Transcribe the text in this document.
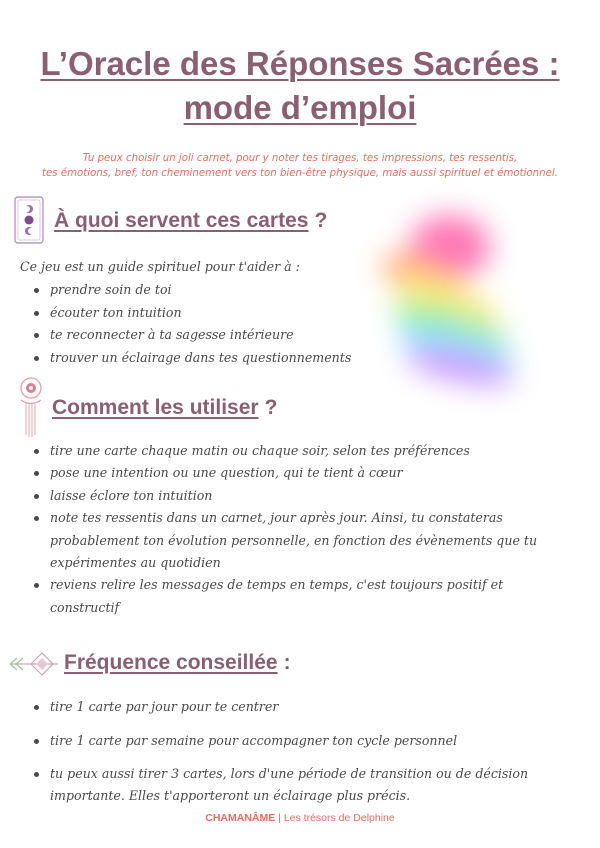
L’Oracle des Réponses Sacrées :
mode d’emploi
Tu peux choisir un joli carnet, pour y noter tes tirages, tes impressions, tes ressentis,
tes émotions, bref, ton cheminement vers ton bien-être physique, mais aussi spirituel et émotionnel.
À quoi servent ces cartes ?
Ce jeu est un guide spirituel pour t'aider à :
prendre soin de toi
écouter ton intuition
te reconnecter à ta sagesse intérieure
trouver un éclairage dans tes questionnements
Comment les utiliser ?
tire une carte chaque matin ou chaque soir, selon tes préférences
pose une intention ou une question, qui te tient à cœur
laisse éclore ton intuition
note tes ressentis dans un carnet, jour après jour. Ainsi, tu constateras probablement ton évolution personnelle, en fonction des évènements que tu expérimentes au quotidien
reviens relire les messages de temps en temps, c'est toujours positif et constructif
Fréquence conseillée :
tire 1 carte par jour pour te centrer
tire 1 carte par semaine pour accompagner ton cycle personnel
tu peux aussi tirer 3 cartes, lors d'une période de transition ou de décision importante. Elles t'apporteront un éclairage plus précis.
CHAMANÂME | Les trésors de Delphine
